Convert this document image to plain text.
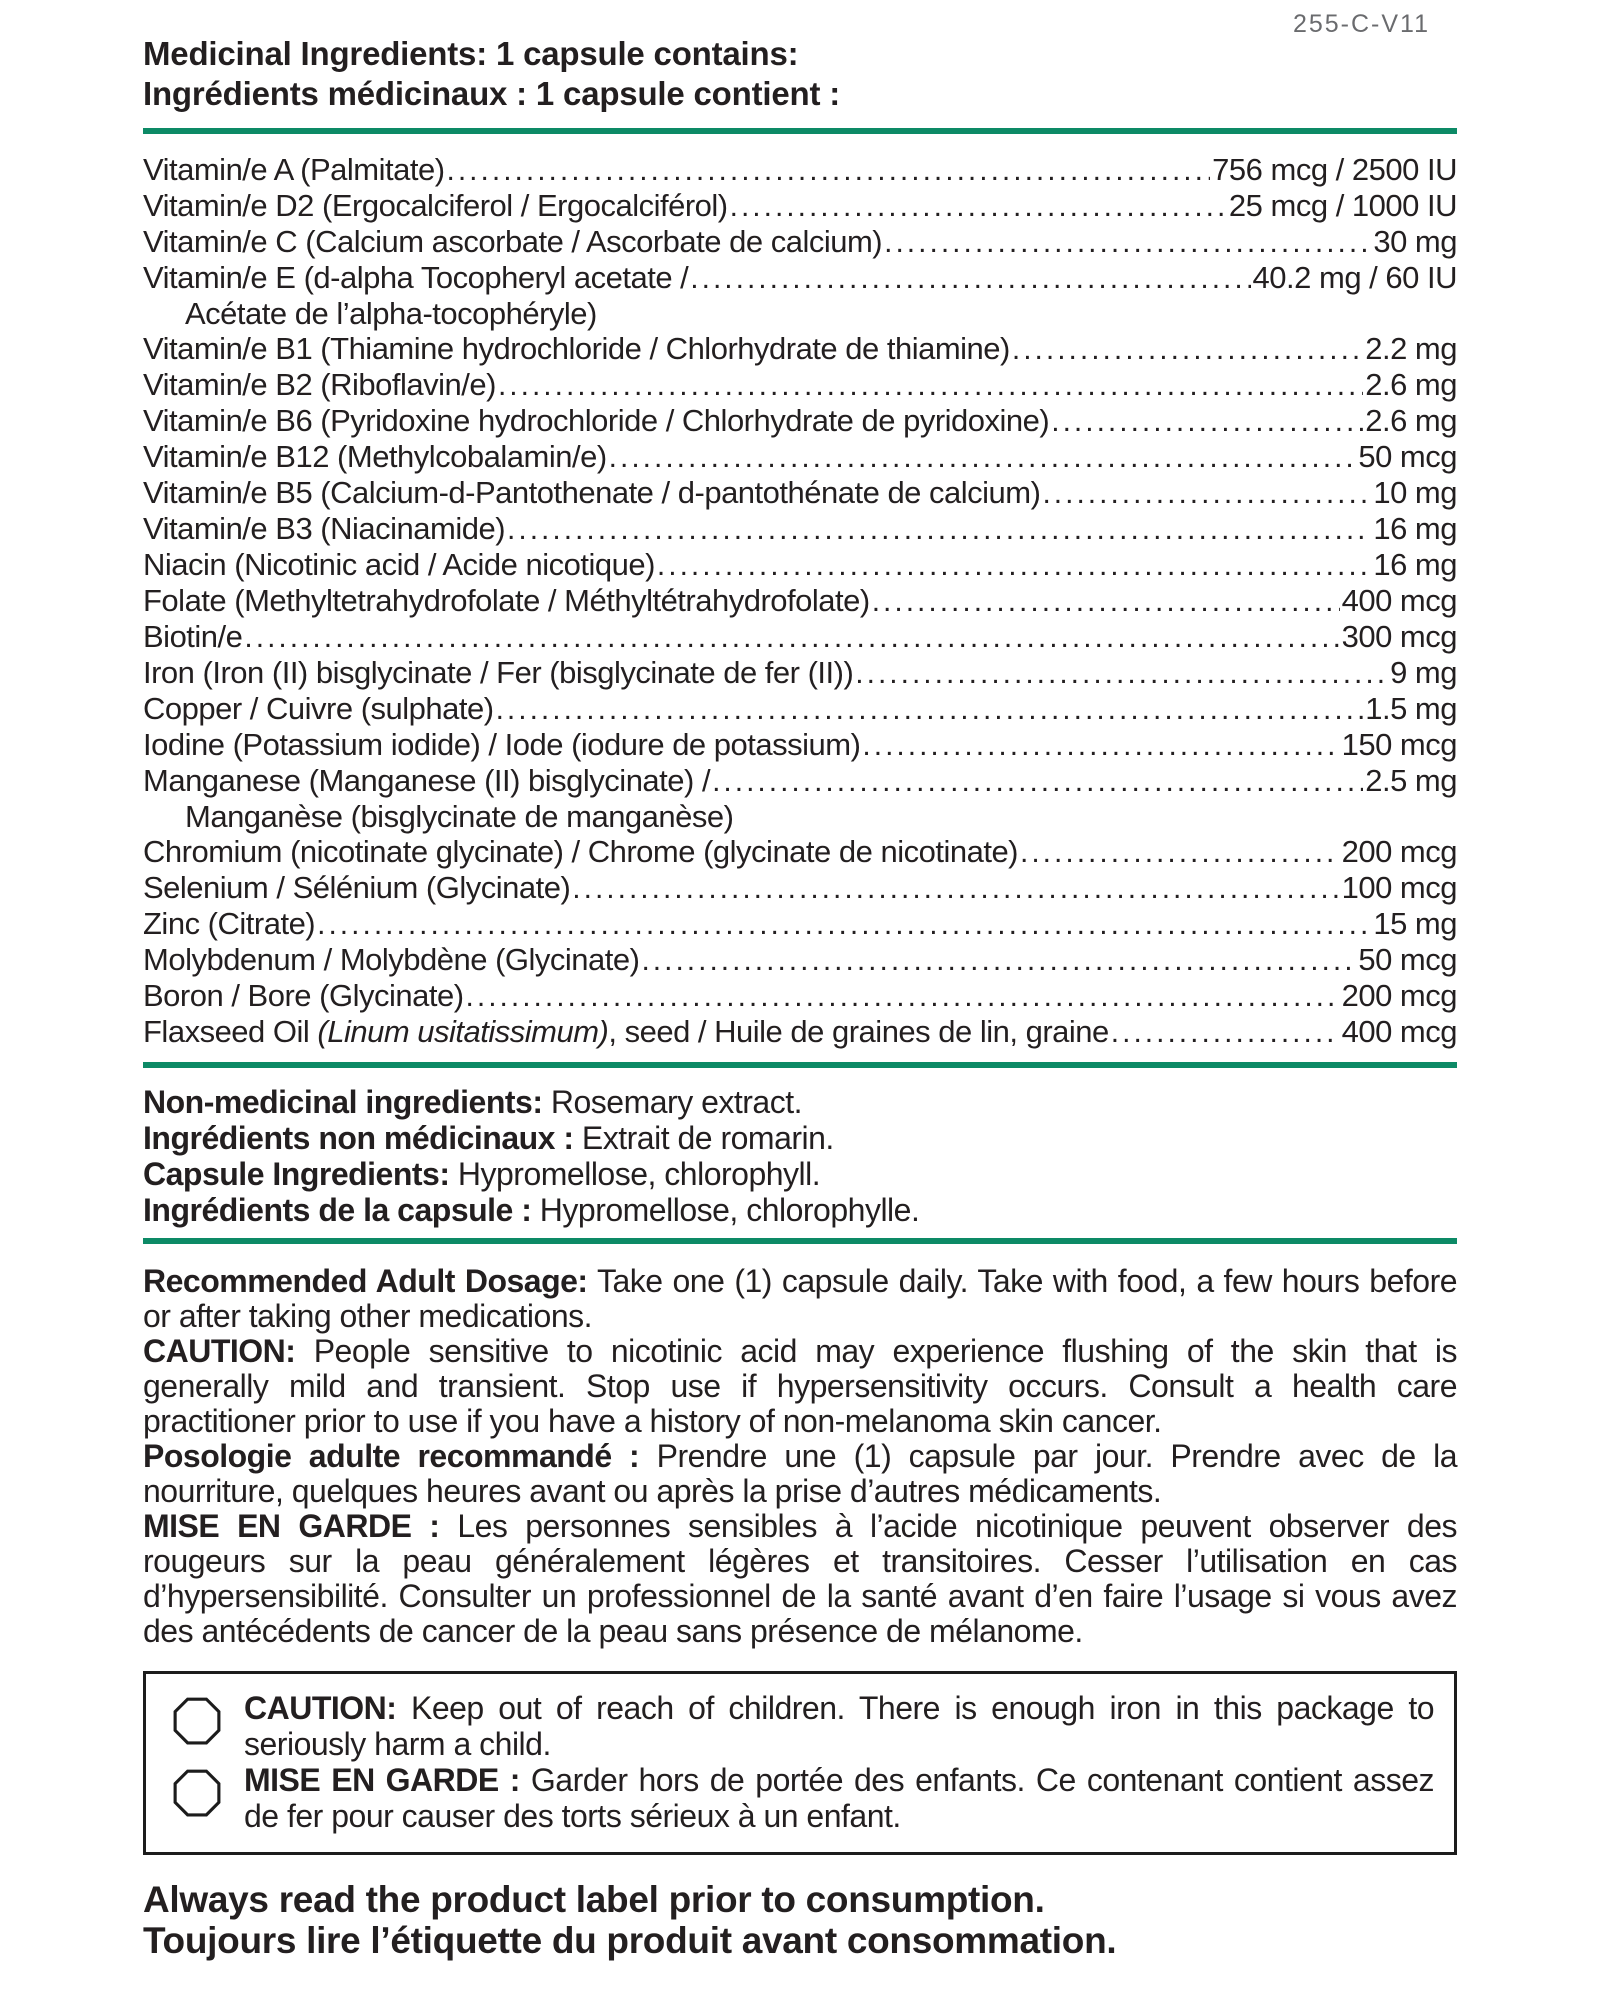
255-C-V11

Medicinal Ingredients: 1 capsule contains:

Ingrédients médicinaux : 1 capsule contient :

Vitamin/e A (Palmitate) .....	756 mcg / 2500 IU
Vitamin/e D2 (Ergocalciferol / Ergocalciférol) .....	25 mcg / 1000 IU
Vitamin/e C (Calcium ascorbate / Ascorbate de calcium) .....	30 mg
Vitamin/e E (d-alpha Tocopheryl acetate / .....	40.2 mg / 60 IU
Acétate de l’alpha-tocophéryle)
Vitamin/e B1 (Thiamine hydrochloride / Chlorhydrate de thiamine) .....	2.2 mg
Vitamin/e B2 (Riboflavin/e) .....	2.6 mg
Vitamin/e B6 (Pyridoxine hydrochloride / Chlorhydrate de pyridoxine) .....	2.6 mg
Vitamin/e B12 (Methylcobalamin/e) .....	50 mcg
Vitamin/e B5 (Calcium-d-Pantothenate / d-pantothénate de calcium) .....	10 mg
Vitamin/e B3 (Niacinamide) .....	16 mg
Niacin (Nicotinic acid / Acide nicotique) .....	16 mg
Folate (Methyltetrahydrofolate / Méthyltétrahydrofolate) .....	400 mcg
Biotin/e .....	300 mcg
Iron (Iron (II) bisglycinate / Fer (bisglycinate de fer (II)) .....	9 mg
Copper / Cuivre (sulphate) .....	1.5 mg
Iodine (Potassium iodide) / Iode (iodure de potassium) .....	150 mcg
Manganese (Manganese (II) bisglycinate) / .....	2.5 mg
Manganèse (bisglycinate de manganèse)
Chromium (nicotinate glycinate) / Chrome (glycinate de nicotinate) .....	200 mcg
Selenium / Sélénium (Glycinate) .....	100 mcg
Zinc (Citrate) .....	15 mg
Molybdenum / Molybdène (Glycinate) .....	50 mcg
Boron / Bore (Glycinate) .....	200 mcg
Flaxseed Oil (Linum usitatissimum), seed / Huile de graines de lin, graine .....	400 mcg

Non-medicinal ingredients: Rosemary extract.

Ingrédients non médicinaux : Extrait de romarin.

Capsule Ingredients: Hypromellose, chlorophyll.

Ingrédients de la capsule : Hypromellose, chlorophylle.

Recommended Adult Dosage: Take one (1) capsule daily. Take with food, a few hours before or after taking other medications.

CAUTION: People sensitive to nicotinic acid may experience flushing of the skin that is generally mild and transient. Stop use if hypersensitivity occurs. Consult a health care practitioner prior to use if you have a history of non-melanoma skin cancer.

Posologie adulte recommandé : Prendre une (1) capsule par jour. Prendre avec de la nourriture, quelques heures avant ou après la prise d’autres médicaments.

MISE EN GARDE : Les personnes sensibles à l’acide nicotinique peuvent observer des rougeurs sur la peau généralement légères et transitoires. Cesser l’utilisation en cas d’hypersensibilité. Consulter un professionnel de la santé avant d’en faire l’usage si vous avez des antécédents de cancer de la peau sans présence de mélanome.

CAUTION: Keep out of reach of children. There is enough iron in this package to seriously harm a child.
MISE EN GARDE : Garder hors de portée des enfants. Ce contenant contient assez de fer pour causer des torts sérieux à un enfant.

Always read the product label prior to consumption.

Toujours lire l’étiquette du produit avant consommation.
